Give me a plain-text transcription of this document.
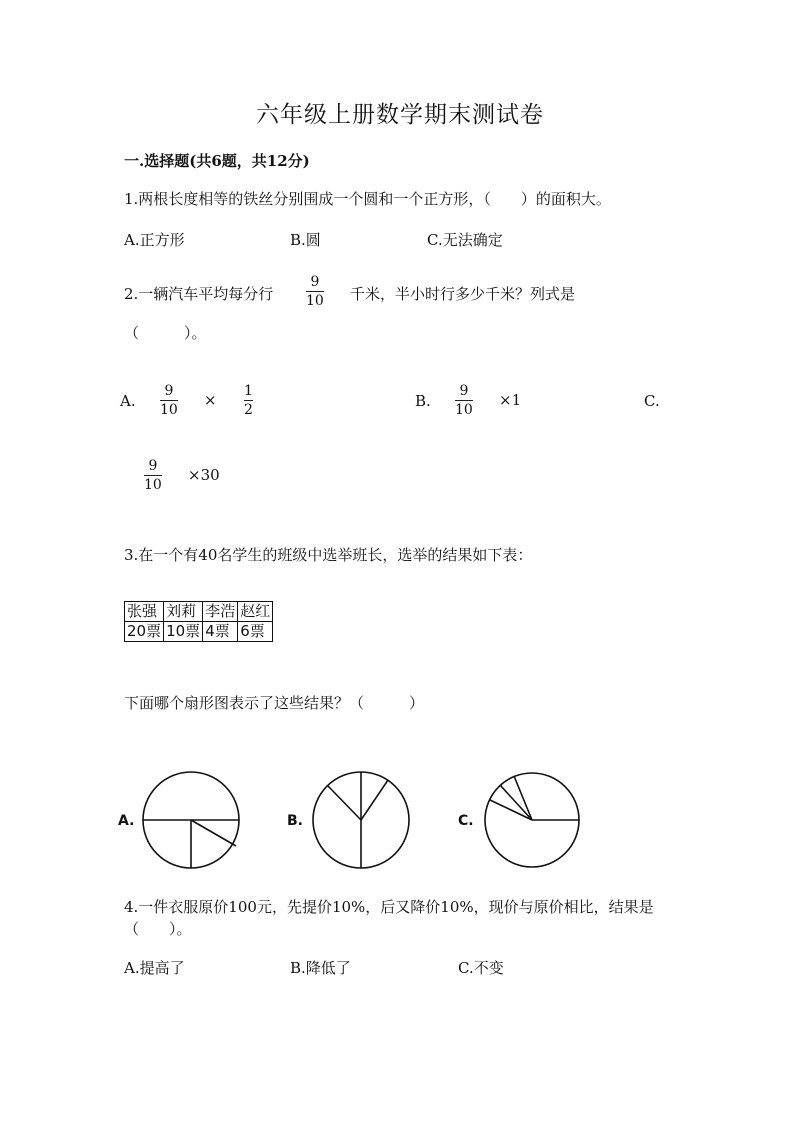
六年级上册数学期末测试卷
一.选择题(共6题，共12分)
1.两根长度相等的铁丝分别围成一个圆和一个正方形，（　　）的面积大。
A.正方形	B.圆	C.无法确定
2.一辆汽车平均每分行
9
10 千米，半小时行多少千米？列式是
（　　　）。
A.
9
10
× 1
2	B.
9
10
×1	C.
9
10
×30
3.在一个有40名学生的班级中选举班长，选举的结果如下表：
张强	刘莉	李浩	赵红
20票	10票	4票	6票
下面哪个扇形图表示了这些结果？（　　　）
A.	B.	C.
4.一件衣服原价100元，先提价10%，后又降价10%，现价与原价相比，结果是
（　　）。
A.提高了	B.降低了	C.不变
